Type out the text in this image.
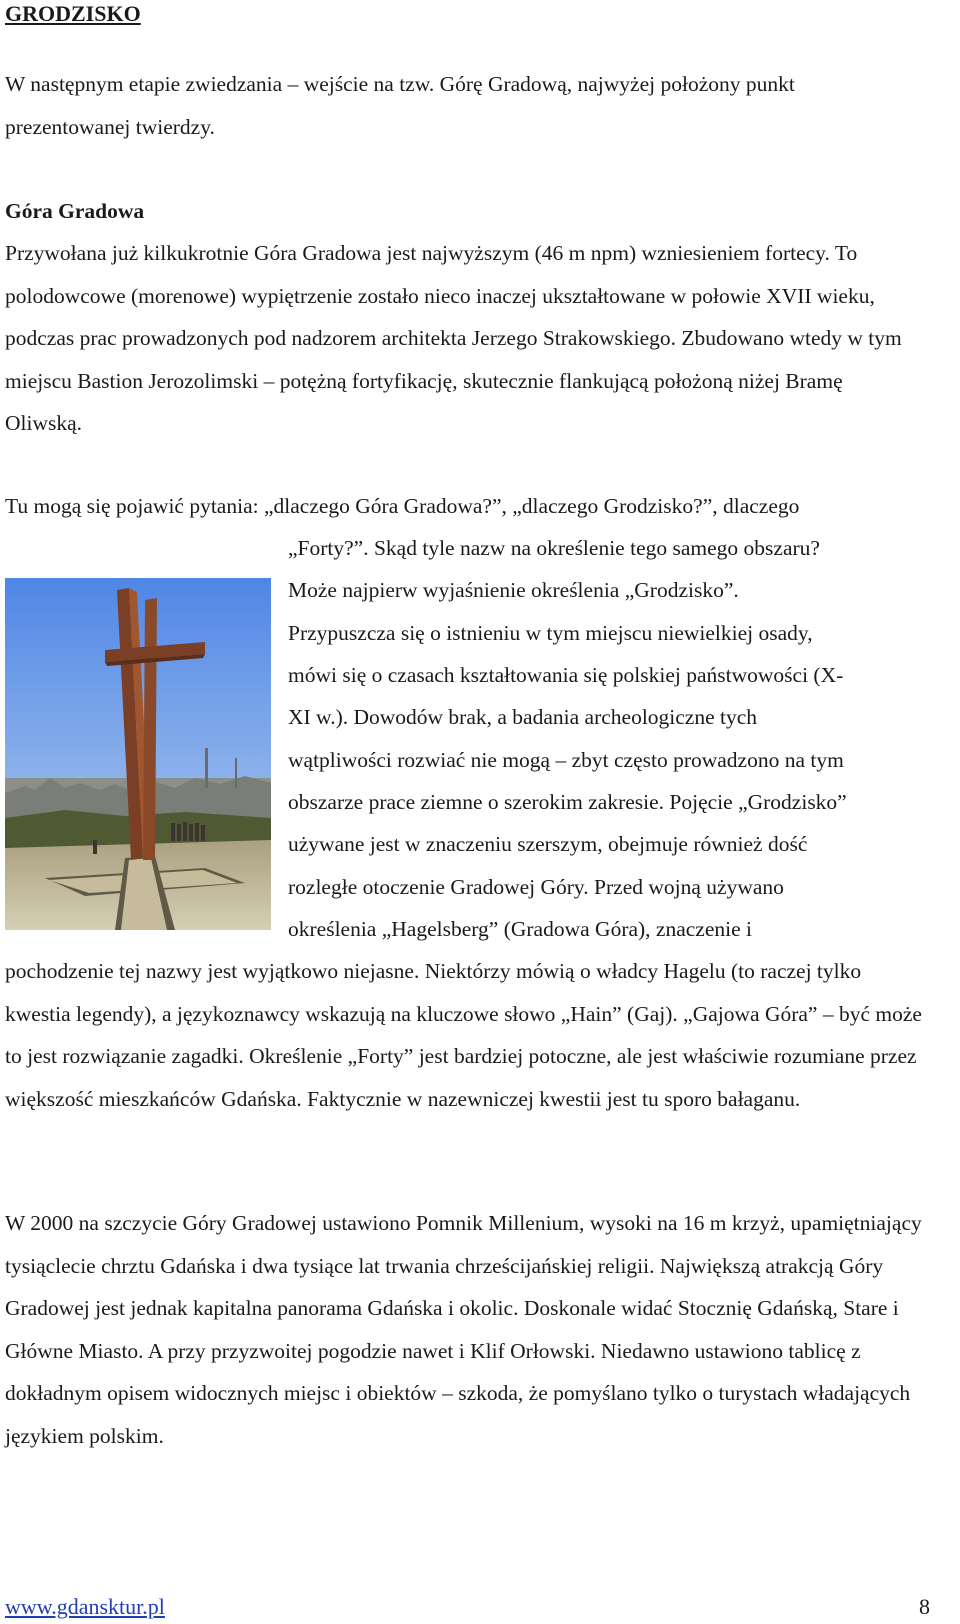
GRODZISKO

W następnym etapie zwiedzania – wejście na tzw. Górę Gradową, najwyżej położony punkt prezentowanej twierdzy.

Góra Gradowa

Przywołana już kilkukrotnie Góra Gradowa jest najwyższym (46 m npm) wzniesieniem fortecy. To polodowcowe (morenowe) wypiętrzenie zostało nieco inaczej ukształtowane w połowie XVII wieku, podczas prac prowadzonych pod nadzorem architekta Jerzego Strakowskiego. Zbudowano wtedy w tym miejscu Bastion Jerozolimski – potężną fortyfikację, skutecznie flankującą położoną niżej Bramę Oliwską.

Tu mogą się pojawić pytania: „dlaczego Góra Gradowa?”, „dlaczego Grodzisko?”, dlaczego

„Forty?”. Skąd tyle nazw na określenie tego samego obszaru?

Może najpierw wyjaśnienie określenia „Grodzisko”.

Przypuszcza się o istnieniu w tym miejscu niewielkiej osady,

mówi się o czasach kształtowania się polskiej państwowości (X-

XI w.). Dowodów brak, a badania archeologiczne tych

wątpliwości rozwiać nie mogą – zbyt często prowadzono na tym

obszarze prace ziemne o szerokim zakresie. Pojęcie „Grodzisko”

używane jest w znaczeniu szerszym, obejmuje również dość

rozległe otoczenie Gradowej Góry. Przed wojną używano

określenia „Hagelsberg” (Gradowa Góra), znaczenie i

pochodzenie tej nazwy jest wyjątkowo niejasne. Niektórzy mówią o władcy Hagelu (to raczej tylko kwestia legendy), a językoznawcy wskazują na kluczowe słowo „Hain” (Gaj). „Gajowa Góra” – być może to jest rozwiązanie zagadki. Określenie „Forty” jest bardziej potoczne, ale jest właściwie rozumiane przez większość mieszkańców Gdańska. Faktycznie w nazewniczej kwestii jest tu sporo bałaganu.

W 2000 na szczycie Góry Gradowej ustawiono Pomnik Millenium, wysoki na 16 m krzyż, upamiętniający tysiąclecie chrztu Gdańska i dwa tysiące lat trwania chrześcijańskiej religii. Największą atrakcją Góry Gradowej jest jednak kapitalna panorama Gdańska i okolic. Doskonale widać Stocznię Gdańską, Stare i Główne Miasto. A przy przyzwoitej pogodzie nawet i Klif Orłowski. Niedawno ustawiono tablicę z dokładnym opisem widocznych miejsc i obiektów – szkoda, że pomyślano tylko o turystach władających językiem polskim.

www.gdansktur.pl	8
